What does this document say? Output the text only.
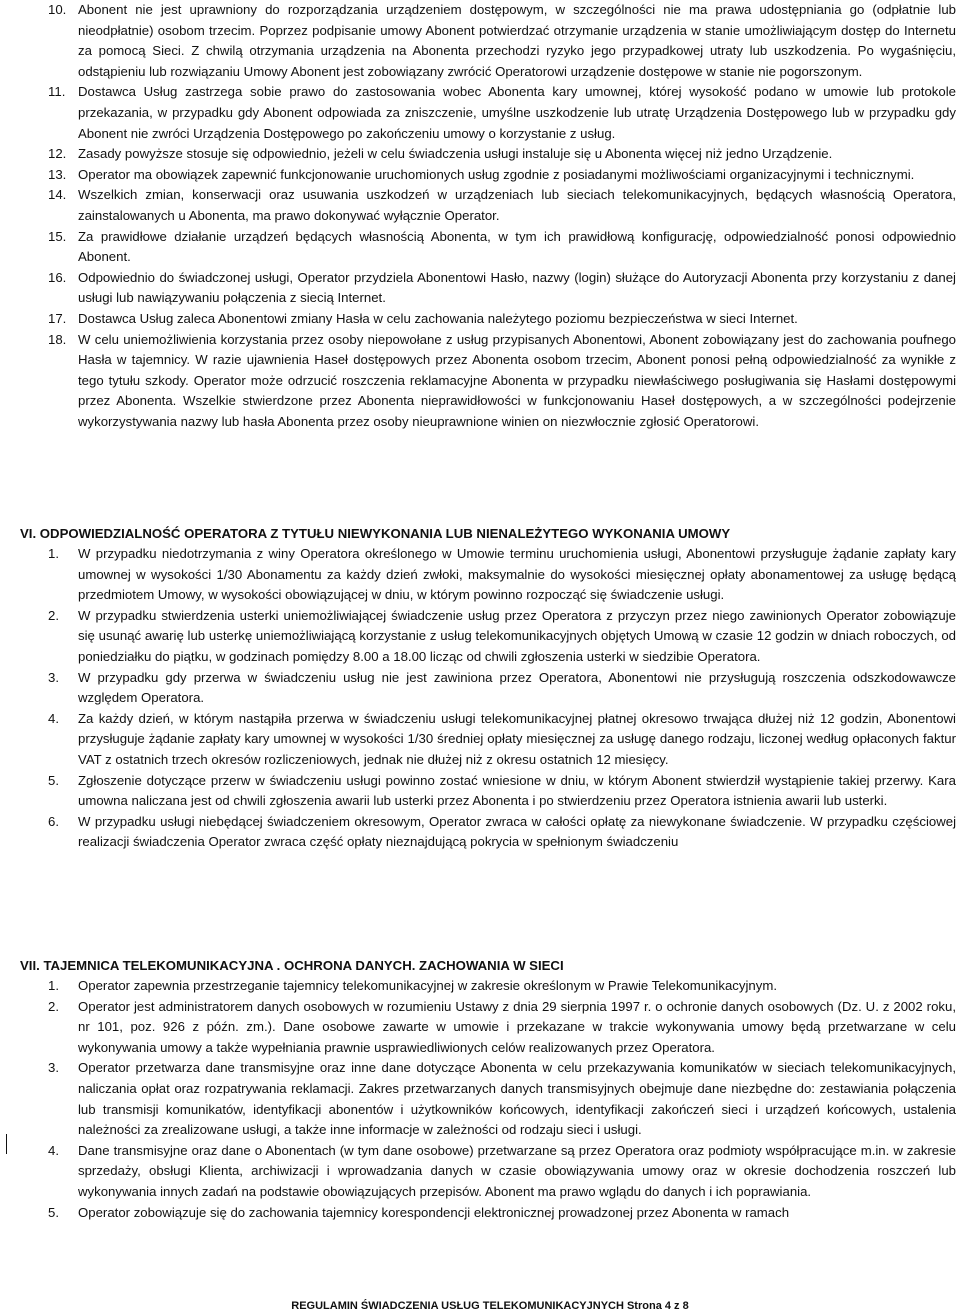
10. Abonent nie jest uprawniony do rozporządzania urządzeniem dostępowym, w szczególności nie ma prawa udostępniania go (odpłatnie lub nieodpłatnie) osobom trzecim. Poprzez podpisanie umowy Abonent potwierdzać otrzymanie urządzenia w stanie umożliwiającym dostęp do Internetu za pomocą Sieci. Z chwilą otrzymania urządzenia na Abonenta przechodzi ryzyko jego przypadkowej utraty lub uszkodzenia. Po wygaśnięciu, odstąpieniu lub rozwiązaniu Umowy Abonent jest zobowiązany zwrócić Operatorowi urządzenie dostępowe w stanie nie pogorszonym.
11. Dostawca Usług zastrzega sobie prawo do zastosowania wobec Abonenta kary umownej, której wysokość podano w umowie lub protokole przekazania, w przypadku gdy Abonent odpowiada za zniszczenie, umyślne uszkodzenie lub utratę Urządzenia Dostępowego lub w przypadku gdy Abonent nie zwróci Urządzenia Dostępowego po zakończeniu umowy o korzystanie z usług.
12. Zasady powyższe stosuje się odpowiednio, jeżeli w celu świadczenia usługi instaluje się u Abonenta więcej niż jedno Urządzenie.
13. Operator ma obowiązek zapewnić funkcjonowanie uruchomionych usług zgodnie z posiadanymi możliwościami organizacyjnymi i technicznymi.
14. Wszelkich zmian, konserwacji oraz usuwania uszkodzeń w urządzeniach lub sieciach telekomunikacyjnych, będących własnością Operatora, zainstalowanych u Abonenta, ma prawo dokonywać wyłącznie Operator.
15. Za prawidłowe działanie urządzeń będących własnością Abonenta, w tym ich prawidłową konfigurację, odpowiedzialność ponosi odpowiednio Abonent.
16. Odpowiednio do świadczonej usługi, Operator przydziela Abonentowi Hasło, nazwy (login) służące do Autoryzacji Abonenta przy korzystaniu z danej usługi lub nawiązywaniu połączenia z siecią Internet.
17. Dostawca Usług zaleca Abonentowi zmiany Hasła w celu zachowania należytego poziomu bezpieczeństwa w sieci Internet.
18. W celu uniemożliwienia korzystania przez osoby niepowołane z usług przypisanych Abonentowi, Abonent zobowiązany jest do zachowania poufnego Hasła w tajemnicy. W razie ujawnienia Haseł dostępowych przez Abonenta osobom trzecim, Abonent ponosi pełną odpowiedzialność za wynikłe z tego tytułu szkody. Operator może odrzucić roszczenia reklamacyjne Abonenta w przypadku niewłaściwego posługiwania się Hasłami dostępowymi przez Abonenta. Wszelkie stwierdzone przez Abonenta nieprawidłowości w funkcjonowaniu Haseł dostępowych, a w szczególności podejrzenie wykorzystywania nazwy lub hasła Abonenta przez osoby nieuprawnione winien on niezwłocznie zgłosić Operatorowi.
VI. ODPOWIEDZIALNOŚĆ OPERATORA Z TYTUŁU NIEWYKONANIA LUB NIENALEŻYTEGO WYKONANIA UMOWY
1. W przypadku niedotrzymania z winy Operatora określonego w Umowie terminu uruchomienia usługi, Abonentowi przysługuje żądanie zapłaty kary umownej w wysokości 1/30 Abonamentu za każdy dzień zwłoki, maksymalnie do wysokości miesięcznej opłaty abonamentowej za usługę będącą przedmiotem Umowy, w wysokości obowiązującej w dniu, w którym powinno rozpocząć się świadczenie usługi.
2. W przypadku stwierdzenia usterki uniemożliwiającej świadczenie usług przez Operatora z przyczyn przez niego zawinionych Operator zobowiązuje się usunąć awarię lub usterkę uniemożliwiającą korzystanie z usług telekomunikacyjnych objętych Umową w czasie 12 godzin w dniach roboczych, od poniedziałku do piątku, w godzinach pomiędzy 8.00 a 18.00 licząc od chwili zgłoszenia usterki w siedzibie Operatora.
3. W przypadku gdy przerwa w świadczeniu usług nie jest zawiniona przez Operatora, Abonentowi nie przysługują roszczenia odszkodowawcze względem Operatora.
4. Za każdy dzień, w którym nastąpiła przerwa w świadczeniu usługi telekomunikacyjnej płatnej okresowo trwająca dłużej niż 12 godzin, Abonentowi przysługuje żądanie zapłaty kary umownej w wysokości 1/30 średniej opłaty miesięcznej za usługę danego rodzaju, liczonej według opłaconych faktur VAT z ostatnich trzech okresów rozliczeniowych, jednak nie dłużej niż z okresu ostatnich 12 miesięcy.
5. Zgłoszenie dotyczące przerw w świadczeniu usługi powinno zostać wniesione w dniu, w którym Abonent stwierdził wystąpienie takiej przerwy. Kara umowna naliczana jest od chwili zgłoszenia awarii lub usterki przez Abonenta i po stwierdzeniu przez Operatora istnienia awarii lub usterki.
6. W przypadku usługi niebędącej świadczeniem okresowym, Operator zwraca w całości opłatę za niewykonane świadczenie. W przypadku częściowej realizacji świadczenia Operator zwraca część opłaty nieznajdującą pokrycia w spełnionym świadczeniu
VII. TAJEMNICA TELEKOMUNIKACYJNA . OCHRONA DANYCH. ZACHOWANIA W SIECI
1. Operator zapewnia przestrzeganie tajemnicy telekomunikacyjnej w zakresie określonym w Prawie Telekomunikacyjnym.
2. Operator jest administratorem danych osobowych w rozumieniu Ustawy z dnia 29 sierpnia 1997 r. o ochronie danych osobowych (Dz. U. z 2002 roku, nr 101, poz. 926 z późn. zm.). Dane osobowe zawarte w umowie i przekazane w trakcie wykonywania umowy będą przetwarzane w celu wykonywania umowy a także wypełniania prawnie usprawiedliwionych celów realizowanych przez Operatora.
3. Operator przetwarza dane transmisyjne oraz inne dane dotyczące Abonenta w celu przekazywania komunikatów w sieciach telekomunikacyjnych, naliczania opłat oraz rozpatrywania reklamacji. Zakres przetwarzanych danych transmisyjnych obejmuje dane niezbędne do: zestawiania połączenia lub transmisji komunikatów, identyfikacji abonentów i użytkowników końcowych, identyfikacji zakończeń sieci i urządzeń końcowych, ustalenia należności za zrealizowane usługi, a także inne informacje w zależności od rodzaju sieci i usługi.
4. Dane transmisyjne oraz dane o Abonentach (w tym dane osobowe) przetwarzane są przez Operatora oraz podmioty współpracujące m.in. w zakresie sprzedaży, obsługi Klienta, archiwizacji i wprowadzania danych w czasie obowiązywania umowy oraz w okresie dochodzenia roszczeń lub wykonywania innych zadań na podstawie obowiązujących przepisów. Abonent ma prawo wglądu do danych i ich poprawiania.
5. Operator zobowiązuje się do zachowania tajemnicy korespondencji elektronicznej prowadzonej przez Abonenta w ramach
REGULAMIN ŚWIADCZENIA USŁUG TELEKOMUNIKACYJNYCH Strona 4 z 8
